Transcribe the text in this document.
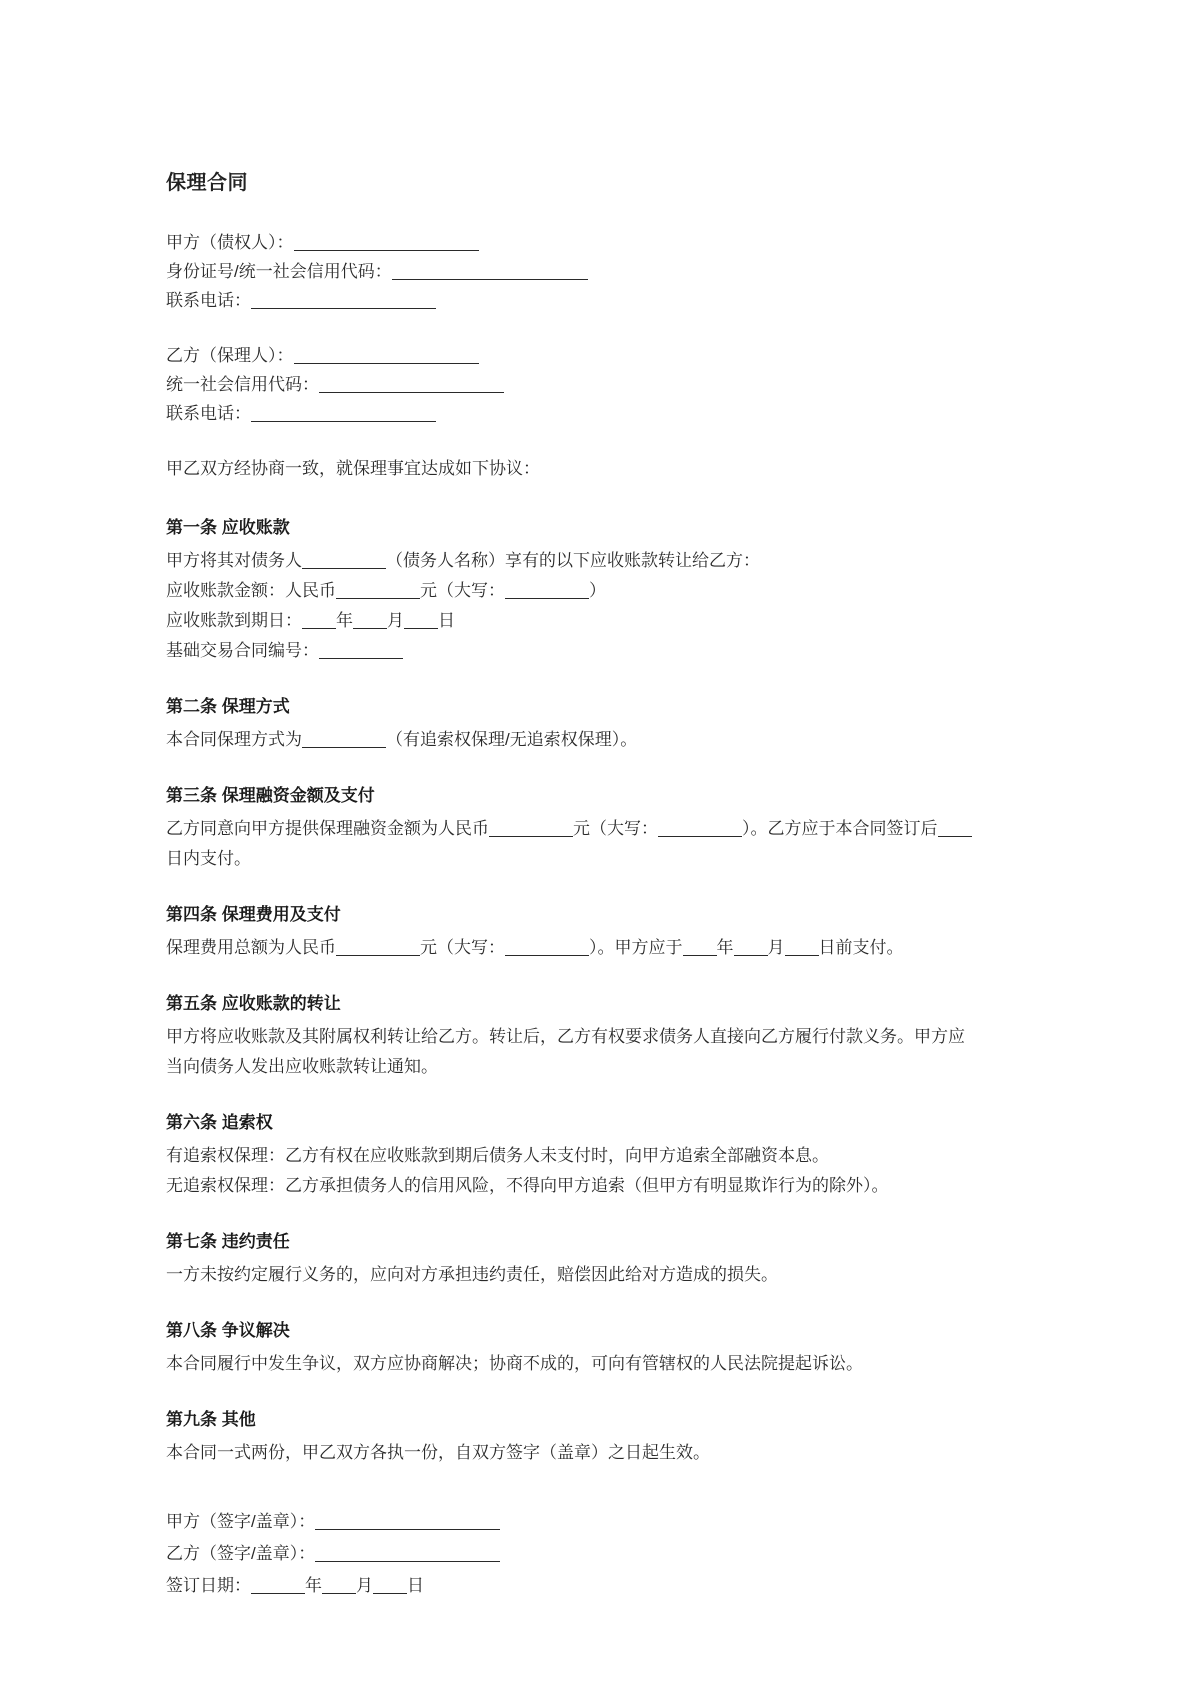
保理合同
甲方（债权人）：
身份证号/统一社会信用代码：
联系电话：
乙方（保理人）：
统一社会信用代码：
联系电话：

甲乙双方经协商一致，就保理事宜达成如下协议：

第一条 应收账款

甲方将其对债务人	（债务人名称）享有的以下应收账款转让给乙方：

应收账款金额：人民币	元（大写：	）

应收账款到期日： 年 月 日

基础交易合同编号：

第二条 保理方式

本合同保理方式为	（有追索权保理/无追索权保理）。

第三条 保理融资金额及支付

乙方同意向甲方提供保理融资金额为人民币	元（大写：	）。乙方应于本合同签订后日内支付。

第四条 保理费用及支付

保理费用总额为人民币	元（大写：	）。甲方应于 年 月 日前支付。

第五条 应收账款的转让

甲方将应收账款及其附属权利转让给乙方。转让后，乙方有权要求债务人直接向乙方履行付款义务。甲方应当向债务人发出应收账款转让通知。

第六条 追索权

有追索权保理：乙方有权在应收账款到期后债务人未支付时，向甲方追索全部融资本息。

无追索权保理：乙方承担债务人的信用风险，不得向甲方追索（但甲方有明显欺诈行为的除外）。

第七条 违约责任

一方未按约定履行义务的，应向对方承担违约责任，赔偿因此给对方造成的损失。

第八条 争议解决

本合同履行中发生争议，双方应协商解决；协商不成的，可向有管辖权的人民法院提起诉讼。

第九条 其他

本合同一式两份，甲乙双方各执一份，自双方签字（盖章）之日起生效。

甲方（签字/盖章）：
乙方（签字/盖章）：
签订日期：	年 月 日
